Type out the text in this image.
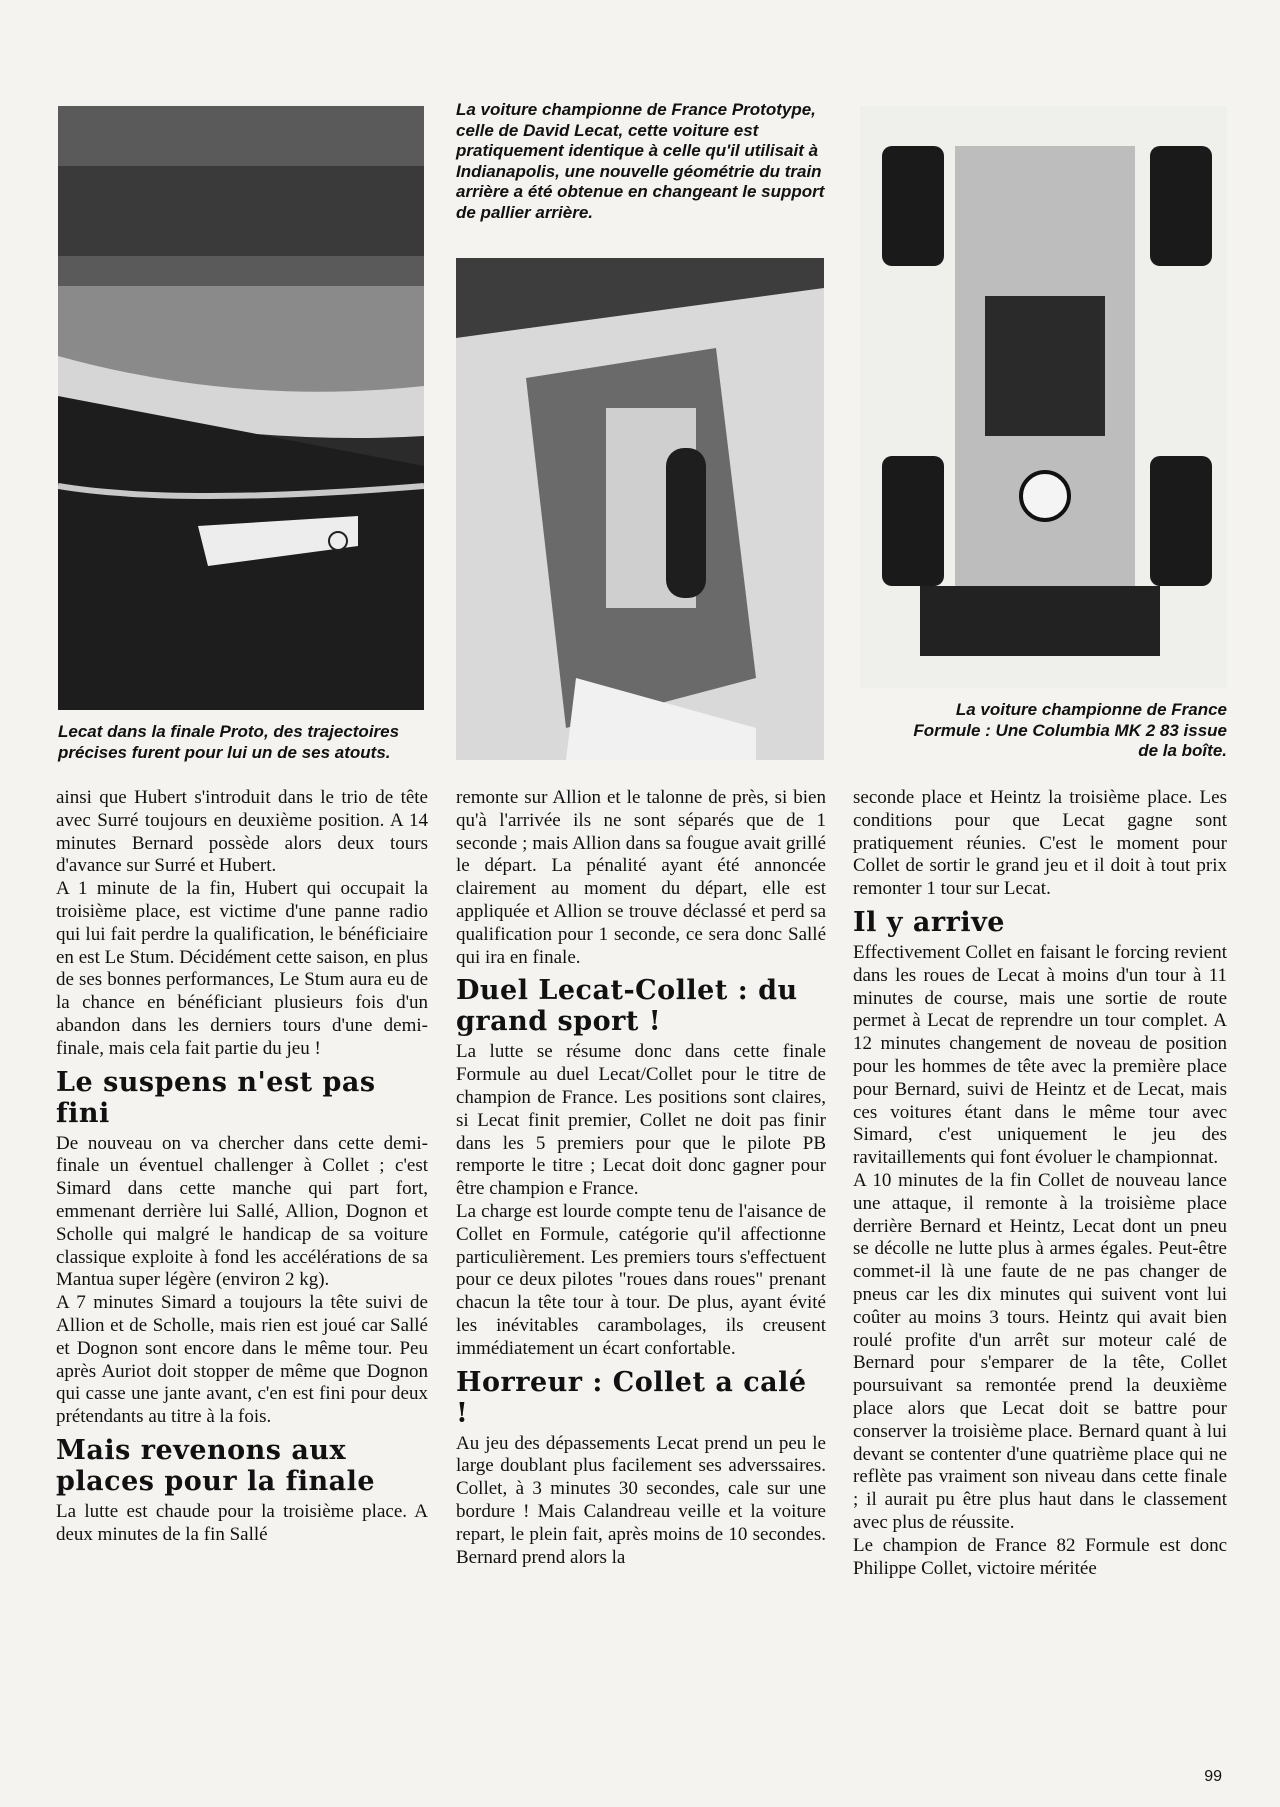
Lecat dans la finale Proto, des trajectoires précises furent pour lui un de ses atouts.

La voiture championne de France Prototype, celle de David Lecat, cette voiture est pratiquement identique à celle qu'il utilisait à Indianapolis, une nouvelle géométrie du train arrière a été obtenue en changeant le support de pallier arrière.

La voiture championne de France Formule : Une Columbia MK 2 83 issue de la boîte.

ainsi que Hubert s'introduit dans le trio de tête avec Surré toujours en deuxième position. A 14 minutes Bernard possède alors deux tours d'avance sur Surré et Hubert.

A 1 minute de la fin, Hubert qui occupait la troisième place, est victime d'une panne radio qui lui fait perdre la qualification, le bénéficiaire en est Le Stum. Décidément cette saison, en plus de ses bonnes performances, Le Stum aura eu de la chance en bénéficiant plusieurs fois d'un abandon dans les derniers tours d'une demi-finale, mais cela fait partie du jeu !

Le suspens n'est pas fini

De nouveau on va chercher dans cette demi-finale un éventuel challenger à Collet ; c'est Simard dans cette manche qui part fort, emmenant derrière lui Sallé, Allion, Dognon et Scholle qui malgré le handicap de sa voiture classique exploite à fond les accélérations de sa Mantua super légère (environ 2 kg).

A 7 minutes Simard a toujours la tête suivi de Allion et de Scholle, mais rien est joué car Sallé et Dognon sont encore dans le même tour. Peu après Auriot doit stopper de même que Dognon qui casse une jante avant, c'en est fini pour deux prétendants au titre à la fois.

Mais revenons aux places pour la finale

La lutte est chaude pour la troisième place. A deux minutes de la fin Sallé

remonte sur Allion et le talonne de près, si bien qu'à l'arrivée ils ne sont séparés que de 1 seconde ; mais Allion dans sa fougue avait grillé le départ. La pénalité ayant été annoncée clairement au moment du départ, elle est appliquée et Allion se trouve déclassé et perd sa qualification pour 1 seconde, ce sera donc Sallé qui ira en finale.

Duel Lecat-Collet : du grand sport !

La lutte se résume donc dans cette finale Formule au duel Lecat/Collet pour le titre de champion de France. Les positions sont claires, si Lecat finit premier, Collet ne doit pas finir dans les 5 premiers pour que le pilote PB remporte le titre ; Lecat doit donc gagner pour être champion e France.

La charge est lourde compte tenu de l'aisance de Collet en Formule, catégorie qu'il affectionne particulièrement. Les premiers tours s'effectuent pour ce deux pilotes "roues dans roues" prenant chacun la tête tour à tour. De plus, ayant évité les inévitables carambolages, ils creusent immédiatement un écart confortable.

Horreur : Collet a calé !

Au jeu des dépassements Lecat prend un peu le large doublant plus facilement ses adverssaires. Collet, à 3 minutes 30 secondes, cale sur une bordure ! Mais Calandreau veille et la voiture repart, le plein fait, après moins de 10 secondes. Bernard prend alors la

seconde place et Heintz la troisième place. Les conditions pour que Lecat gagne sont pratiquement réunies. C'est le moment pour Collet de sortir le grand jeu et il doit à tout prix remonter 1 tour sur Lecat.

Il y arrive

Effectivement Collet en faisant le forcing revient dans les roues de Lecat à moins d'un tour à 11 minutes de course, mais une sortie de route permet à Lecat de reprendre un tour complet. A 12 minutes changement de noveau de position pour les hommes de tête avec la première place pour Bernard, suivi de Heintz et de Lecat, mais ces voitures étant dans le même tour avec Simard, c'est uniquement le jeu des ravitaillements qui font évoluer le championnat.

A 10 minutes de la fin Collet de nouveau lance une attaque, il remonte à la troisième place derrière Bernard et Heintz, Lecat dont un pneu se décolle ne lutte plus à armes égales. Peut-être commet-il là une faute de ne pas changer de pneus car les dix minutes qui suivent vont lui coûter au moins 3 tours. Heintz qui avait bien roulé profite d'un arrêt sur moteur calé de Bernard pour s'emparer de la tête, Collet poursuivant sa remontée prend la deuxième place alors que Lecat doit se battre pour conserver la troisième place. Bernard quant à lui devant se contenter d'une quatrième place qui ne reflète pas vraiment son niveau dans cette finale ; il aurait pu être plus haut dans le classement avec plus de réussite.

Le champion de France 82 Formule est donc Philippe Collet, victoire méritée

99
